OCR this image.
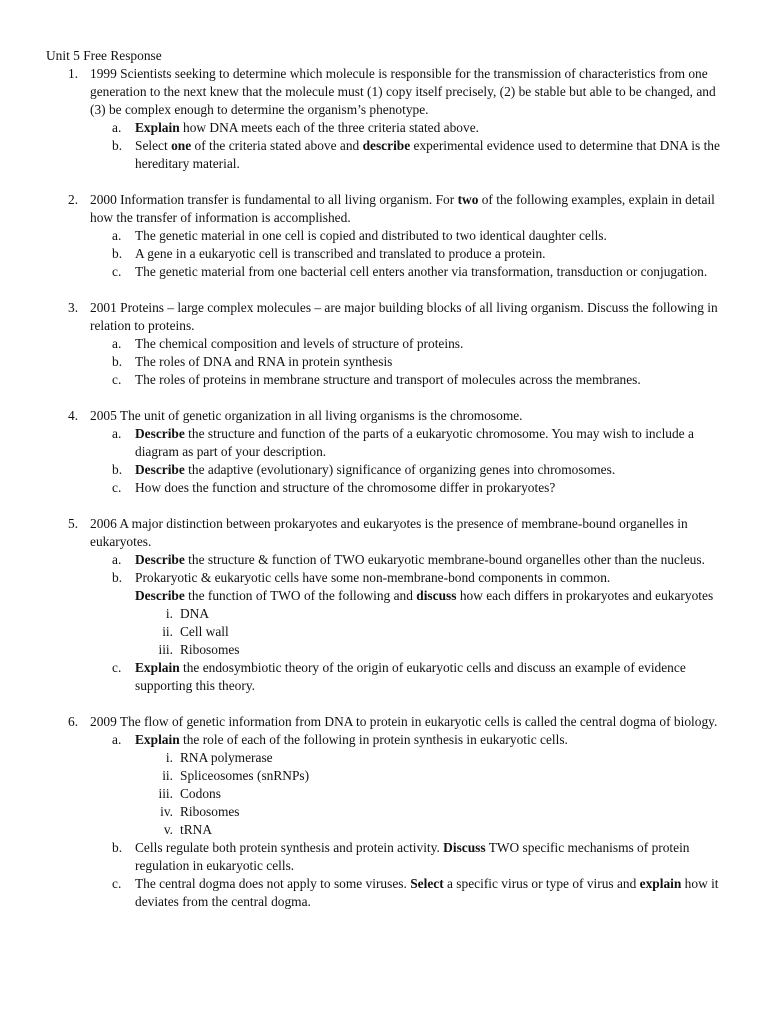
Unit 5 Free Response
1. 1999 Scientists seeking to determine which molecule is responsible for the transmission of characteristics from one generation to the next knew that the molecule must (1) copy itself precisely, (2) be stable but able to be changed, and (3) be complex enough to determine the organism’s phenotype.
a. Explain how DNA meets each of the three criteria stated above.
b. Select one of the criteria stated above and describe experimental evidence used to determine that DNA is the hereditary material.
2. 2000 Information transfer is fundamental to all living organism. For two of the following examples, explain in detail how the transfer of information is accomplished.
a. The genetic material in one cell is copied and distributed to two identical daughter cells.
b. A gene in a eukaryotic cell is transcribed and translated to produce a protein.
c. The genetic material from one bacterial cell enters another via transformation, transduction or conjugation.
3. 2001 Proteins – large complex molecules – are major building blocks of all living organism. Discuss the following in relation to proteins.
a. The chemical composition and levels of structure of proteins.
b. The roles of DNA and RNA in protein synthesis
c. The roles of proteins in membrane structure and transport of molecules across the membranes.
4. 2005 The unit of genetic organization in all living organisms is the chromosome.
a. Describe the structure and function of the parts of a eukaryotic chromosome. You may wish to include a diagram as part of your description.
b. Describe the adaptive (evolutionary) significance of organizing genes into chromosomes.
c. How does the function and structure of the chromosome differ in prokaryotes?
5. 2006 A major distinction between prokaryotes and eukaryotes is the presence of membrane-bound organelles in eukaryotes.
a. Describe the structure & function of TWO eukaryotic membrane-bound organelles other than the nucleus.
b. Prokaryotic & eukaryotic cells have some non-membrane-bond components in common.
Describe the function of TWO of the following and discuss how each differs in prokaryotes and eukaryotes
i. DNA
ii. Cell wall
iii. Ribosomes
c. Explain the endosymbiotic theory of the origin of eukaryotic cells and discuss an example of evidence supporting this theory.
6. 2009 The flow of genetic information from DNA to protein in eukaryotic cells is called the central dogma of biology.
a. Explain the role of each of the following in protein synthesis in eukaryotic cells.
i. RNA polymerase
ii. Spliceosomes (snRNPs)
iii. Codons
iv. Ribosomes
v. tRNA
b. Cells regulate both protein synthesis and protein activity. Discuss TWO specific mechanisms of protein regulation in eukaryotic cells.
c. The central dogma does not apply to some viruses. Select a specific virus or type of virus and explain how it deviates from the central dogma.
